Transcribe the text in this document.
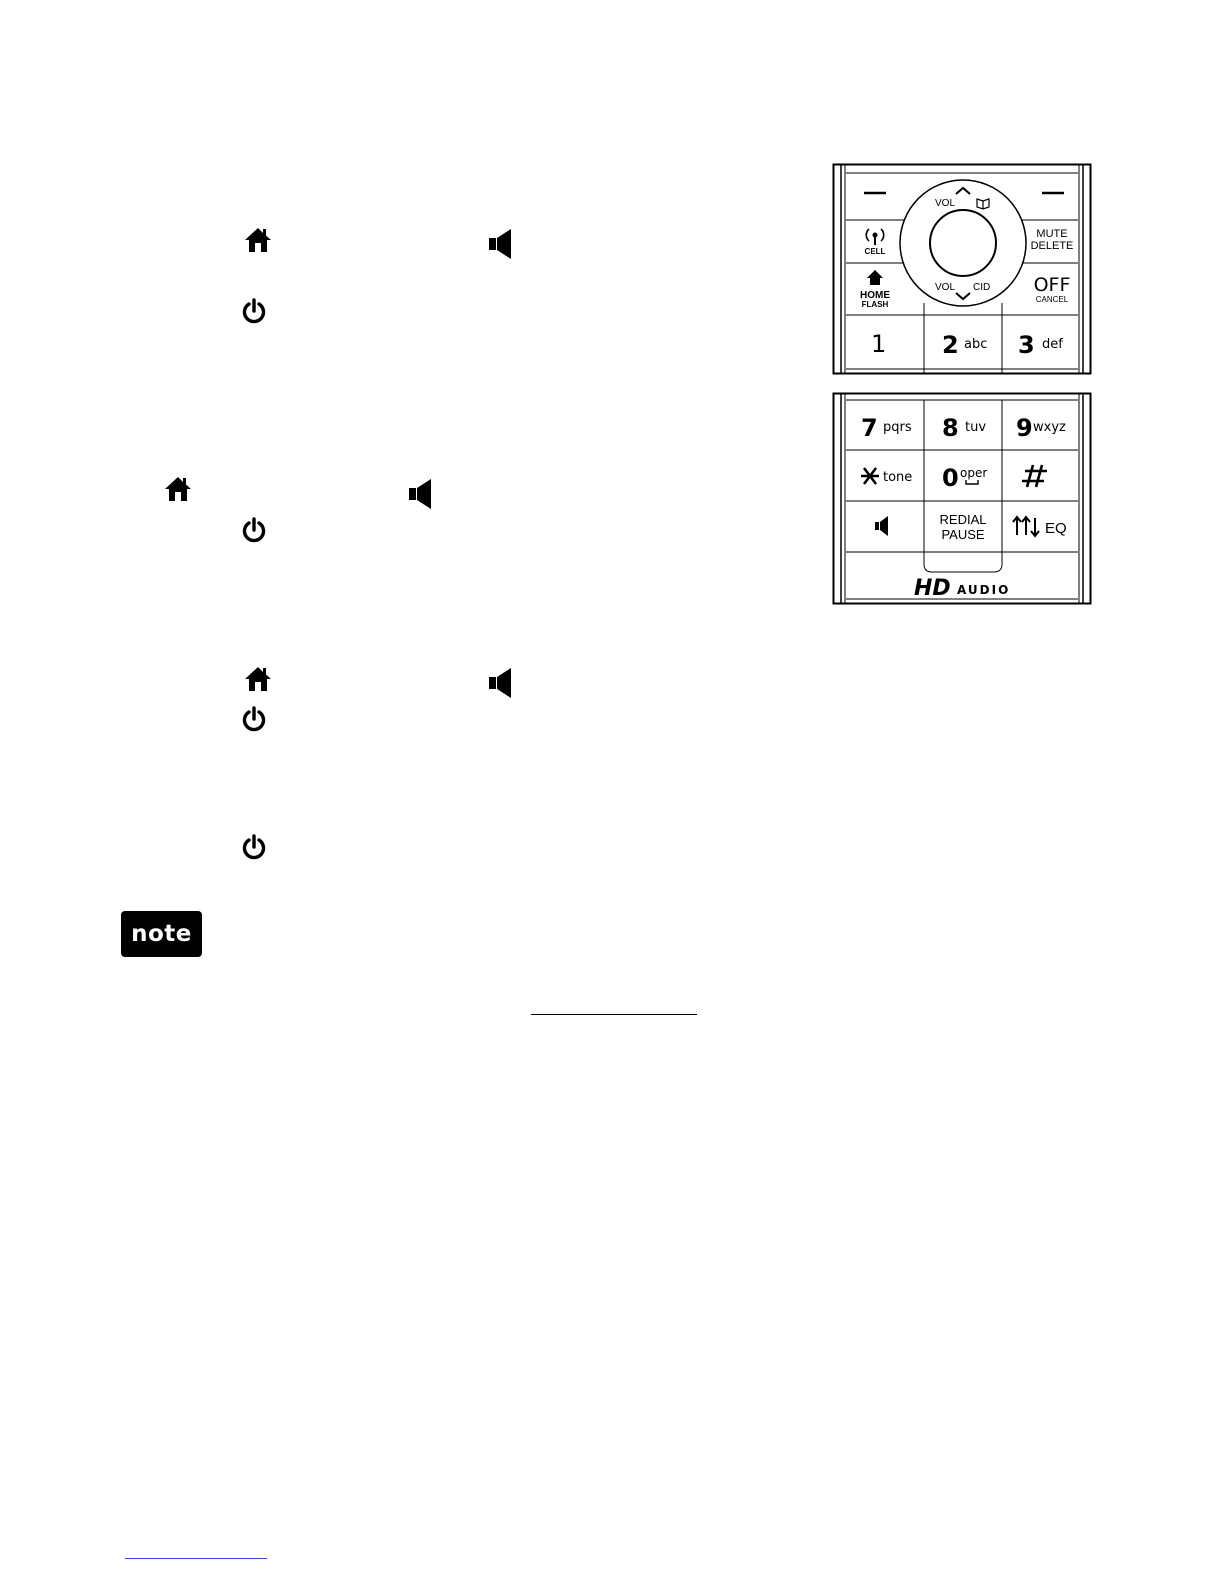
note
CELL
VOL
VOL CID
MUTE
DELETE
HOME
FLASH
OFF
CANCEL
1 2 abc 3 def
7 pqrs 8 tuv 9 wxyz
tone 0 oper
REDIAL
PAUSE	EQ
HD AUDIO
